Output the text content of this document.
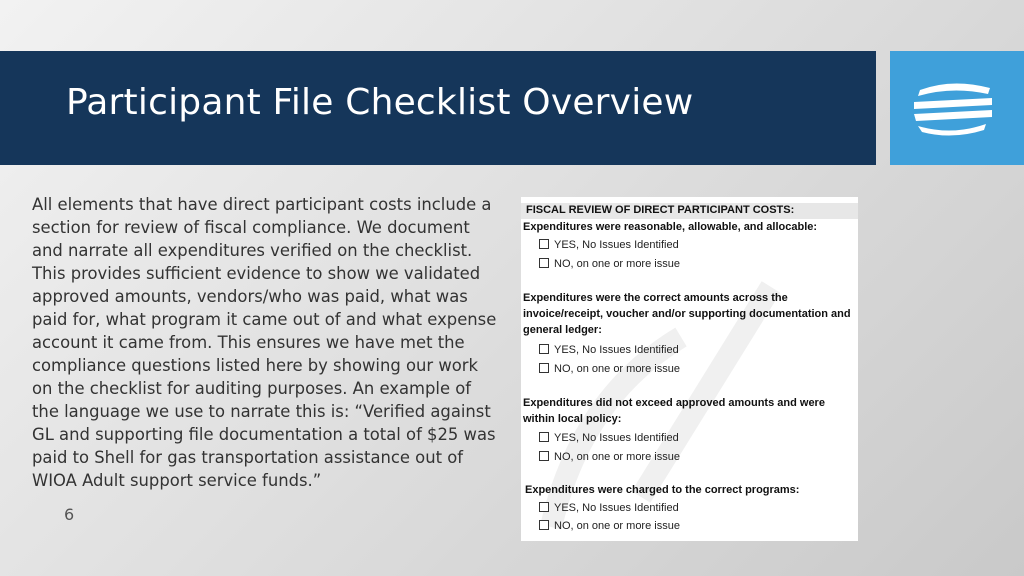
Participant File Checklist Overview
All elements that have direct participant costs include a section for review of fiscal compliance. We document and narrate all expenditures verified on the checklist. This provides sufficient evidence to show we validated approved amounts, vendors/who was paid, what was paid for, what program it came out of and what expense account it came from. This ensures we have met the compliance questions listed here by showing our work on the checklist for auditing purposes. An example of the language we use to narrate this is: “Verified against GL and supporting file documentation a total of $25 was paid to Shell for gas transportation assistance out of WIOA Adult support service funds.”
6
FISCAL REVIEW OF DIRECT PARTICIPANT COSTS:
Expenditures were reasonable, allowable, and allocable:
YES, No Issues Identified
NO, on one or more issue
Expenditures were the correct amounts across the invoice/receipt, voucher and/or supporting documentation and general ledger:
YES, No Issues Identified
NO, on one or more issue
Expenditures did not exceed approved amounts and were within local policy:
YES, No Issues Identified
NO, on one or more issue
Expenditures were charged to the correct programs:
YES, No Issues Identified
NO, on one or more issue
